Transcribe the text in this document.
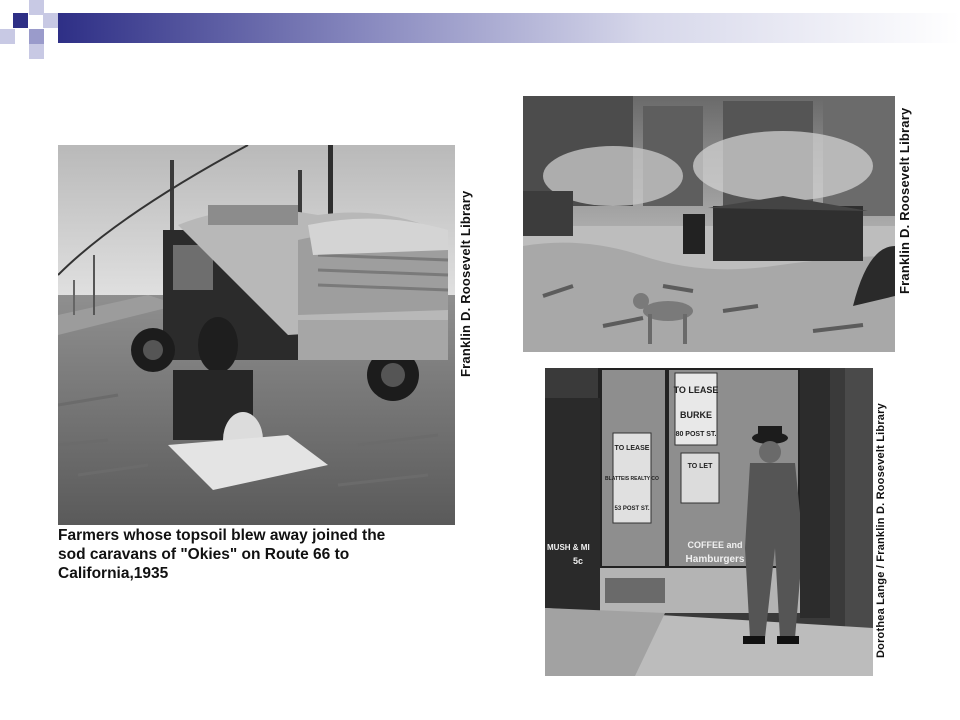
Franklin D. Roosevelt Library
Farmers whose topsoil blew away joined the
sod caravans of "Okies" on Route 66 to
California,1935
Franklin D. Roosevelt Library
TO LEASE
BURKE
80 POST ST.
TO LEASE
BLATTEIS REALTY CO
53 POST ST.
TO LET
COFFEE and
Hamburgers
MUSH & MI
5c	Dorothea Lange / Franklin D. Roosevelt Library
